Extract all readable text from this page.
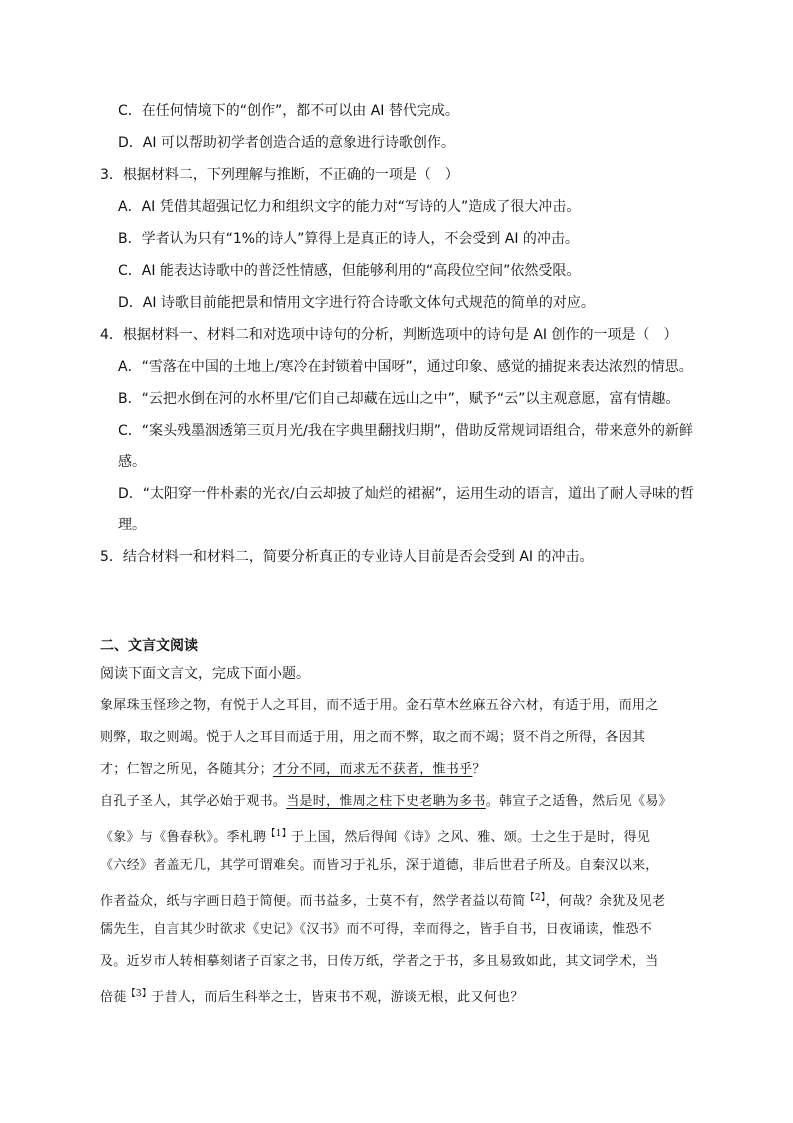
C．在任何情境下的“创作”，都不可以由 AI 替代完成。
D．AI 可以帮助初学者创造合适的意象进行诗歌创作。
3．根据材料二，下列理解与推断，不正确的一项是（　）
A．AI 凭借其超强记忆力和组织文字的能力对“写诗的人”造成了很大冲击。
B．学者认为只有“1%的诗人”算得上是真正的诗人，不会受到 AI 的冲击。
C．AI 能表达诗歌中的普泛性情感，但能够利用的“高段位空间”依然受限。
D．AI 诗歌目前能把景和情用文字进行符合诗歌文体句式规范的简单的对应。
4．根据材料一、材料二和对选项中诗句的分析，判断选项中的诗句是 AI 创作的一项是（　）
A．“雪落在中国的土地上/寒冷在封锁着中国呀”，通过印象、感觉的捕捉来表达浓烈的情思。
B．“云把水倒在河的水杯里/它们自己却藏在远山之中”，赋予“云”以主观意愿，富有情趣。
C．“案头残墨洇透第三页月光/我在字典里翻找归期”，借助反常规词语组合，带来意外的新鲜
感。
D．“太阳穿一件朴素的光衣/白云却披了灿烂的裙裾”，运用生动的语言，道出了耐人寻味的哲
理。
5．结合材料一和材料二，简要分析真正的专业诗人目前是否会受到 AI 的冲击。
二、文言文阅读
阅读下面文言文，完成下面小题。
象犀珠玉怪珍之物，有悦于人之耳目，而不适于用。金石草木丝麻五谷六材，有适于用，而用之
则弊，取之则竭。悦于人之耳目而适于用，用之而不弊，取之而不竭；贤不肖之所得，各因其
才；仁智之所见，各随其分；才分不同，而求无不获者，惟书乎？
自孔子圣人，其学必始于观书。当是时，惟周之柱下史老聃为多书。韩宣子之适鲁，然后见《易》
《象》与《鲁春秋》。季札聘$^{【1】}$于上国，然后得闻《诗》之风、雅、颂。士之生于是时，得见
《六经》者盖无几，其学可谓难矣。而皆习于礼乐，深于道德，非后世君子所及。自秦汉以来，
作者益众，纸与字画日趋于简便。而书益多，士莫不有，然学者益以苟简$^{【2】}$，何哉？余犹及见老
儒先生，自言其少时欲求《史记》《汉书》而不可得，幸而得之，皆手自书，日夜诵读，惟恐不
及。近岁市人转相摹刻诸子百家之书，日传万纸，学者之于书，多且易致如此，其文词学术，当
倍蓰$^{【3】}$于昔人，而后生科举之士，皆束书不观，游谈无根，此又何也？
